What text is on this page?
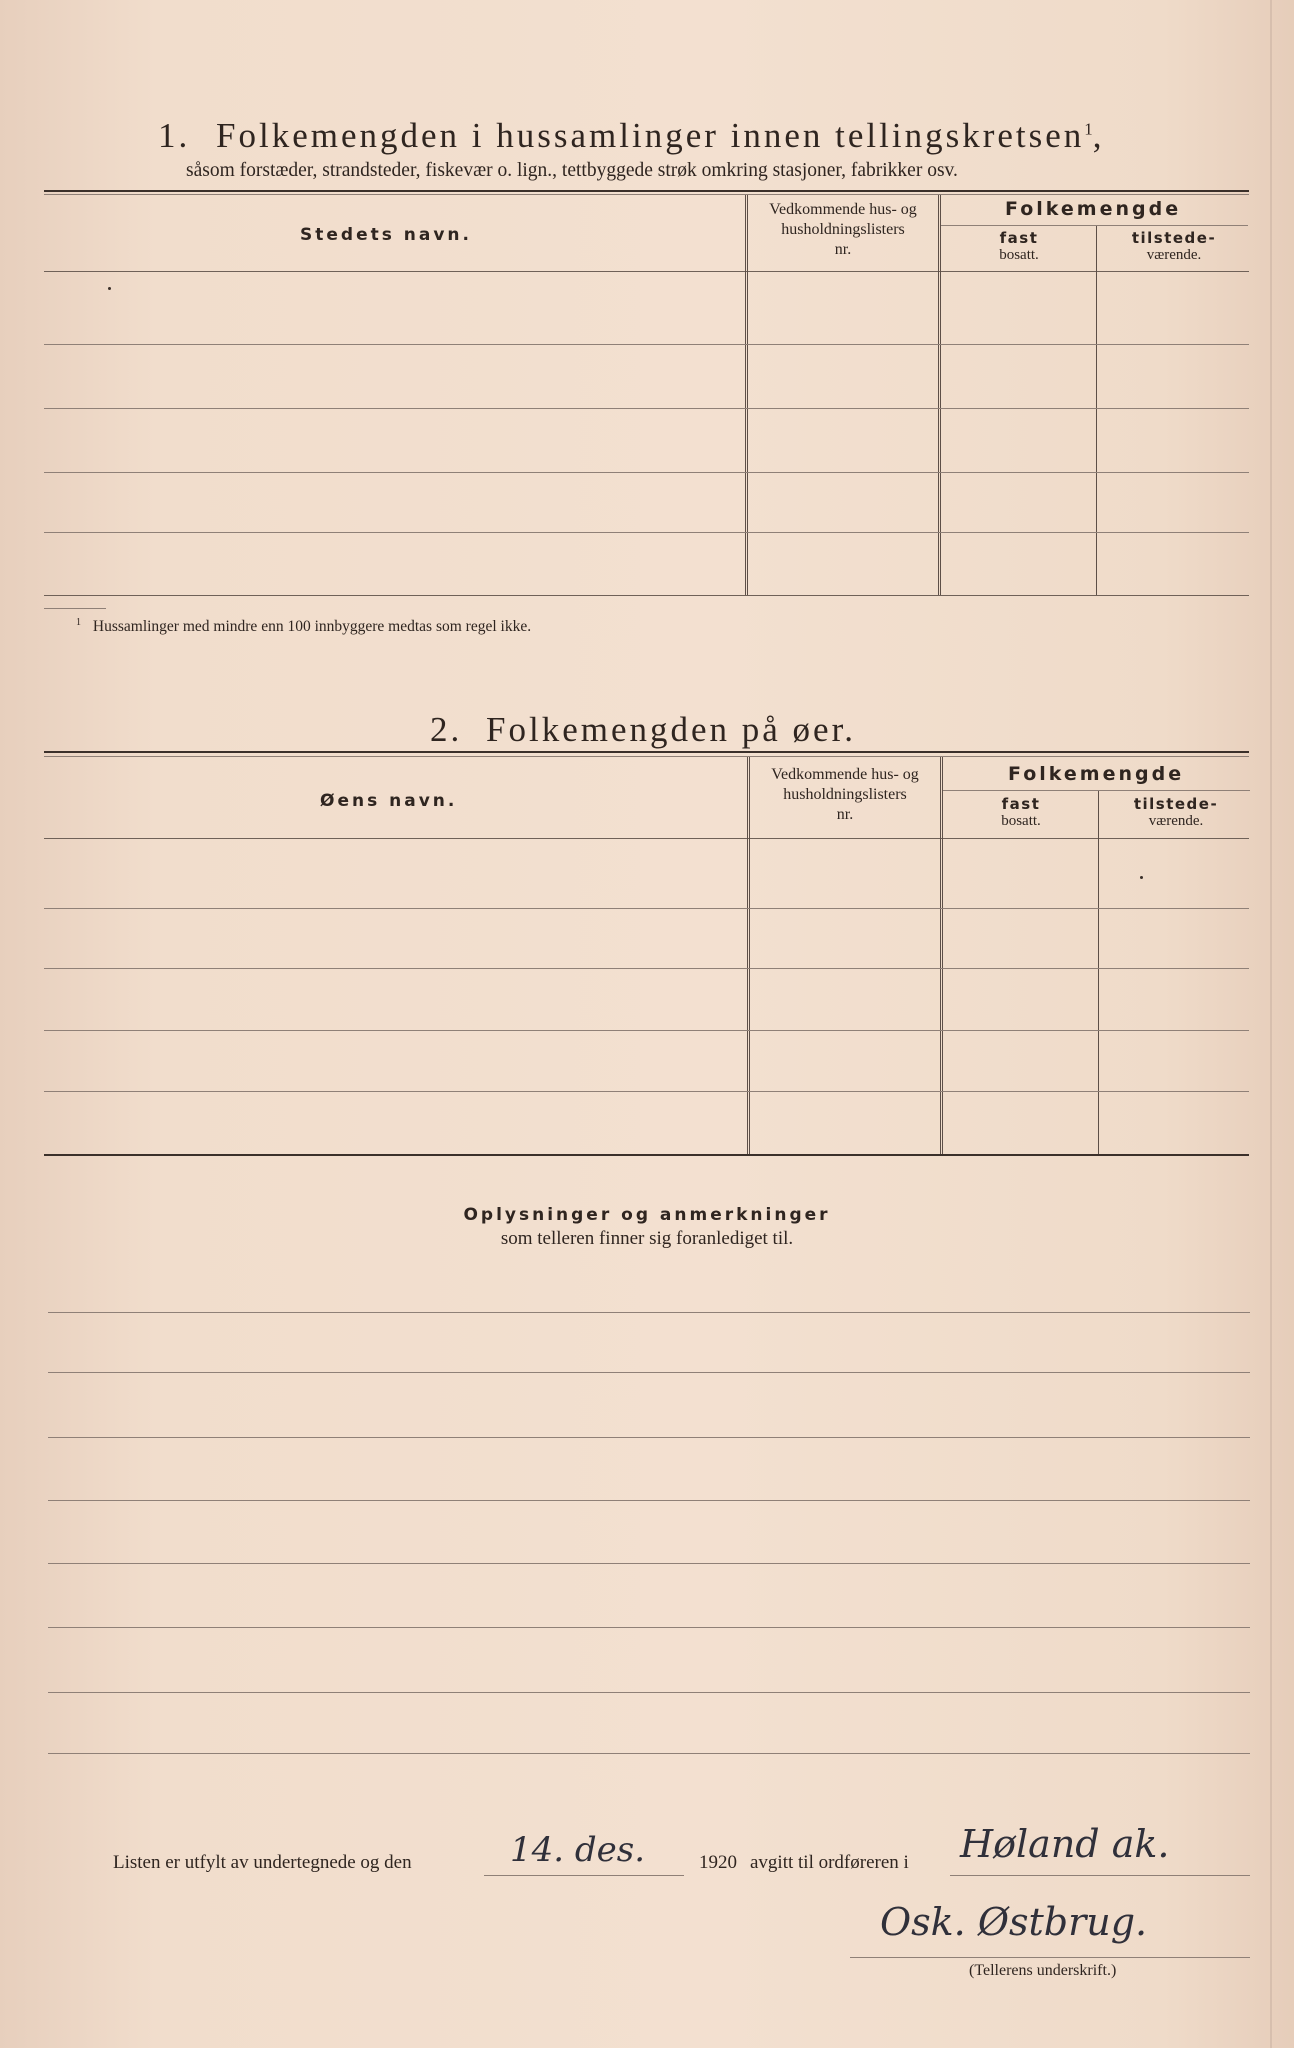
1. Folkemengden i hussamlinger innen tellingskretsen$^1$,
såsom forstæder, strandsteder, fiskevær o. lign., tettbyggede strøk omkring stasjoner, fabrikker osv.
Stedets navn.
Vedkommende hus- og
husholdningslisters
nr.
Folkemengde
fast
bosatt.
tilstede-
værende.
$^1$ Hussamlinger med mindre enn 100 innbyggere medtas som regel ikke.
2. Folkemengden på øer.
Øens navn.
Vedkommende hus- og
husholdningslisters
nr.
Folkemengde
fast
bosatt.
tilstede-
værende.
Oplysninger og anmerkninger
som telleren finner sig foranlediget til.
Listen er utfylt av undertegnede og den	14. des.	1920 avgitt til ordføreren i Høland ak.
Osk. Østbrug.
(Tellerens underskrift.)
